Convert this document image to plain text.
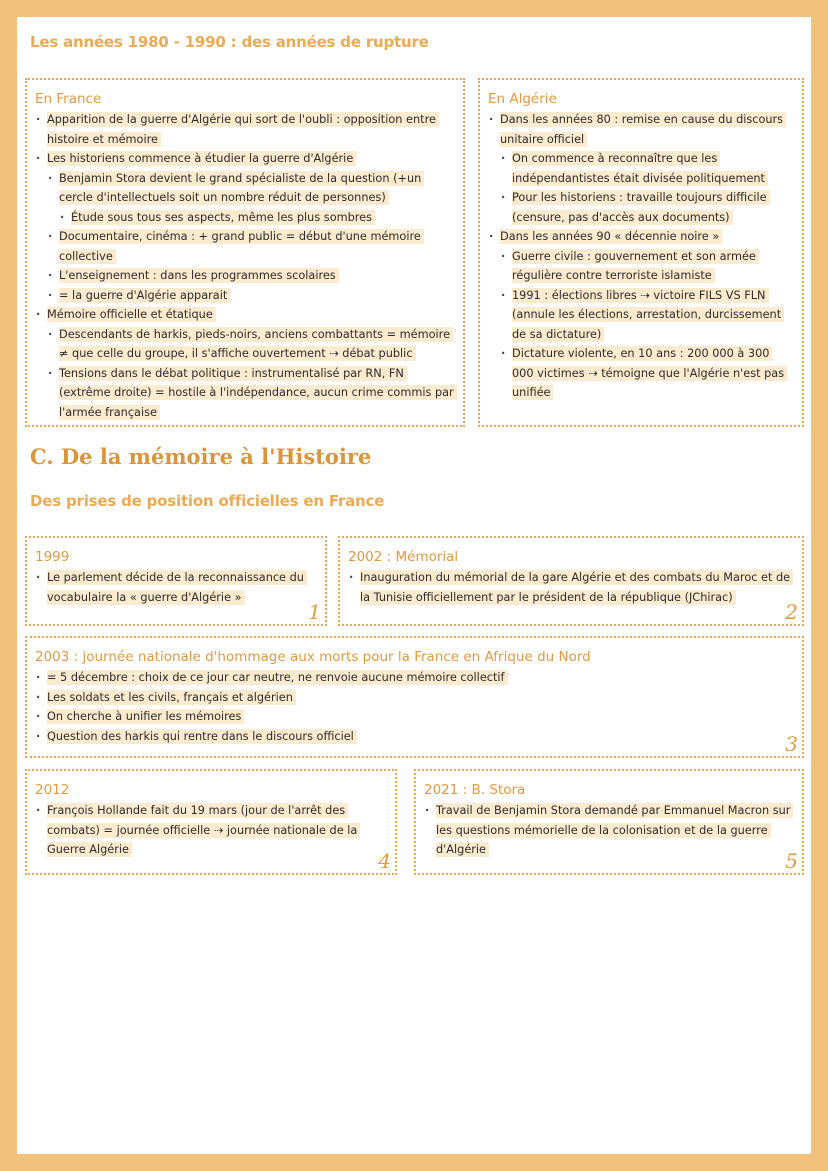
Les années 1980 - 1990 : des années de rupture
En France
· Apparition de la guerre d'Algérie qui sort de l'oubli : opposition entre histoire et mémoire
· Les historiens commence à étudier la guerre d'Algérie
· Benjamin Stora devient le grand spécialiste de la question (+un cercle d'intellectuels soit un nombre réduit de personnes)
· Étude sous tous ses aspects, même les plus sombres
· Documentaire, cinéma : + grand public = début d'une mémoire collective
· L'enseignement : dans les programmes scolaires
· = la guerre d'Algérie apparait
· Mémoire officielle et étatique
· Descendants de harkis, pieds-noirs, anciens combattants = mémoire ≠ que celle du groupe, il s'affiche ouvertement ⇢ débat public
· Tensions dans le débat politique : instrumentalisé par RN, FN (extrême droite) = hostile à l'indépendance, aucun crime commis par l'armée française
En Algérie
· Dans les années 80 : remise en cause du discours unitaire officiel
· On commence à reconnaître que les indépendantistes était divisée politiquement
· Pour les historiens : travaille toujours difficile (censure, pas d'accès aux documents)
· Dans les années 90 « décennie noire »
· Guerre civile : gouvernement et son armée régulière contre terroriste islamiste
· 1991 : élections libres ⇢ victoire FILS VS FLN (annule les élections, arrestation, durcissement de sa dictature)
· Dictature violente, en 10 ans : 200 000 à 300 000 victimes ⇢ témoigne que l'Algérie n'est pas unifiée
C. De la mémoire à l'Histoire
Des prises de position officielles en France
1999
· Le parlement décide de la reconnaissance du vocabulaire la « guerre d'Algérie »
1
2002 : Mémorial
· Inauguration du mémorial de la gare Algérie et des combats du Maroc et de la Tunisie officiellement par le président de la république (JChirac)
2
2003 : journée nationale d'hommage aux morts pour la France en Afrique du Nord
· = 5 décembre : choix de ce jour car neutre, ne renvoie aucune mémoire collectif
· Les soldats et les civils, français et algérien
· On cherche à unifier les mémoires
· Question des harkis qui rentre dans le discours officiel	3
2012
· François Hollande fait du 19 mars (jour de l'arrêt des combats) = journée officielle ⇢ journée nationale de la Guerre Algérie	4
2021 : B. Stora
· Travail de Benjamin Stora demandé par Emmanuel Macron sur les questions mémorielle de la colonisation et de la guerre d'Algérie	5
